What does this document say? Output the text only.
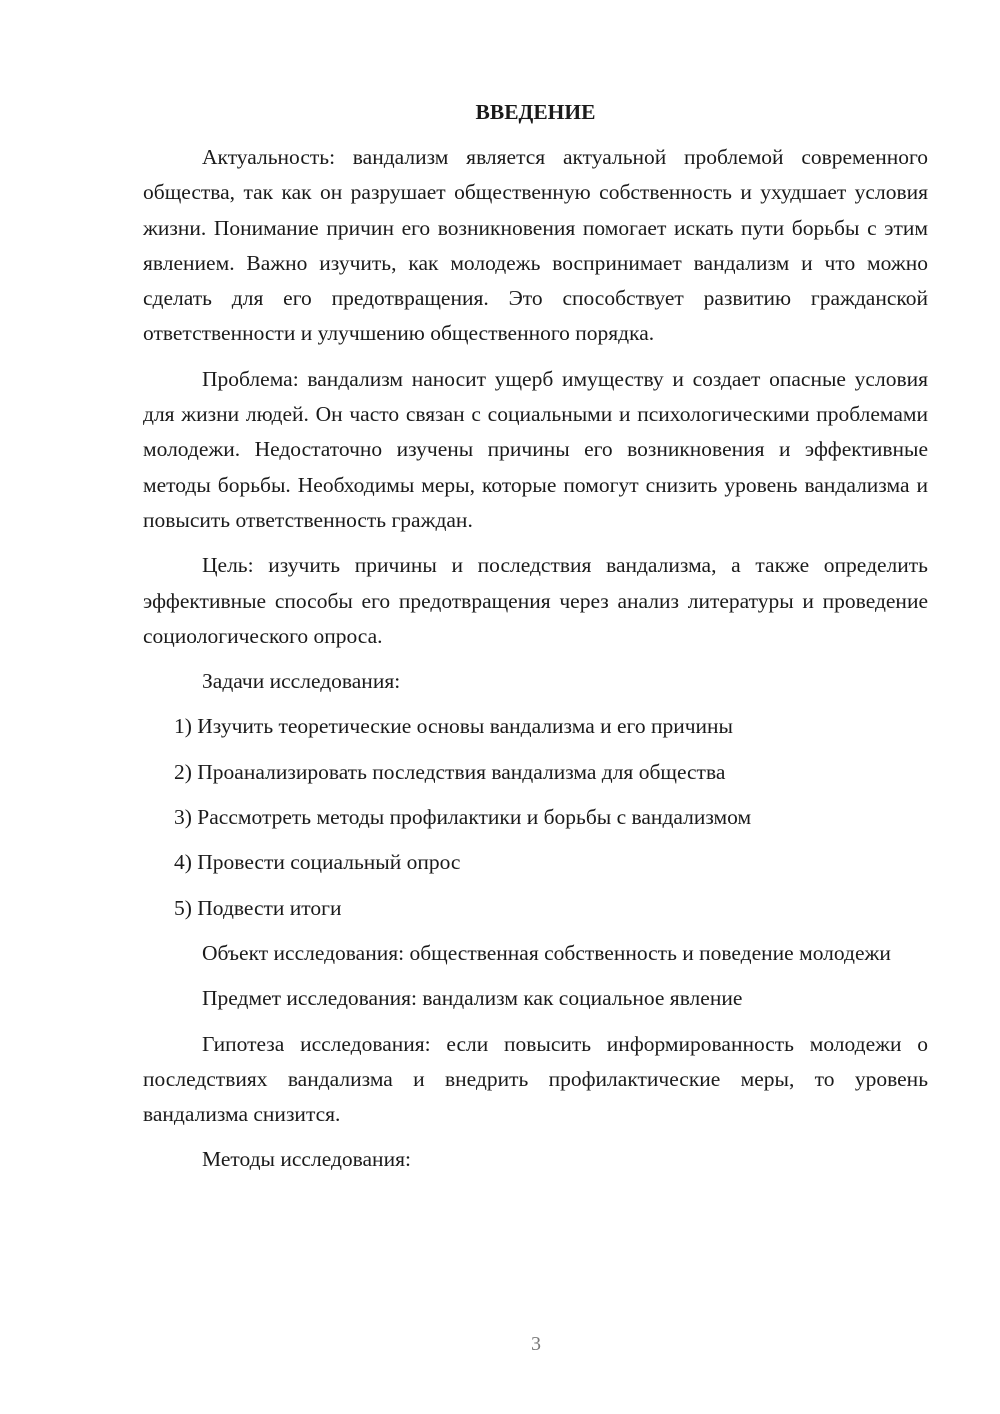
ВВЕДЕНИЕ

Актуальность: вандализм является актуальной проблемой современного общества, так как он разрушает общественную собственность и ухудшает условия жизни. Понимание причин его возникновения помогает искать пути борьбы с этим явлением. Важно изучить, как молодежь воспринимает вандализм и что можно сделать для его предотвращения. Это способствует развитию гражданской ответственности и улучшению общественного порядка.

Проблема: вандализм наносит ущерб имуществу и создает опасные условия для жизни людей. Он часто связан с социальными и психологическими проблемами молодежи. Недостаточно изучены причины его возникновения и эффективные методы борьбы. Необходимы меры, которые помогут снизить уровень вандализма и повысить ответственность граждан.

Цель: изучить причины и последствия вандализма, а также определить эффективные способы его предотвращения через анализ литературы и проведение социологического опроса.

Задачи исследования:

1) Изучить теоретические основы вандализма и его причины

2) Проанализировать последствия вандализма для общества

3) Рассмотреть методы профилактики и борьбы с вандализмом

4) Провести социальный опрос

5) Подвести итоги

Объект исследования: общественная собственность и поведение молодежи

Предмет исследования: вандализм как социальное явление

Гипотеза исследования: если повысить информированность молодежи о последствиях вандализма и внедрить профилактические меры, то уровень вандализма снизится.

Методы исследования:

3
